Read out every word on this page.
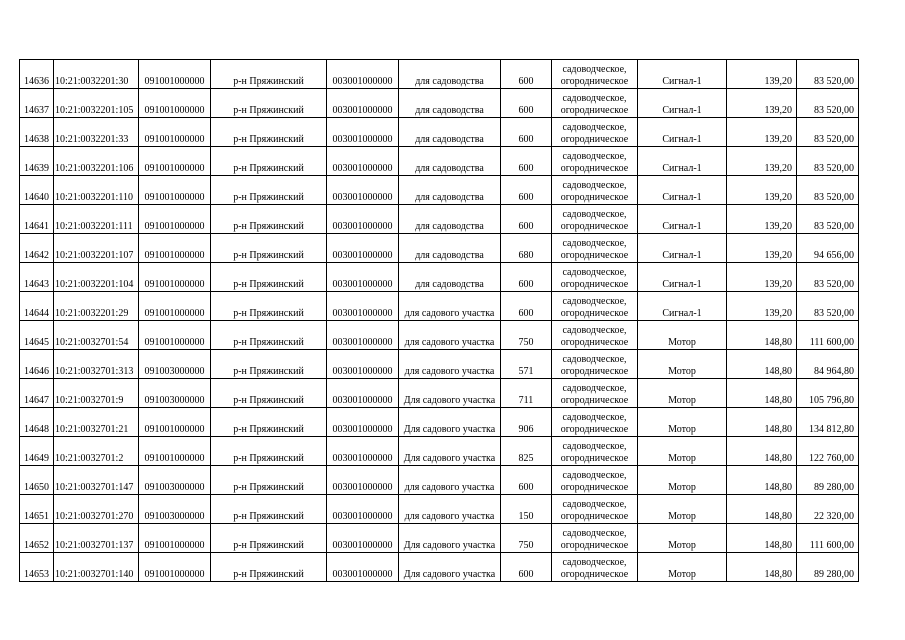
14636	10:21:0032201:30	091001000000	р-н Пряжинский	003001000000	для садоводства	600	садоводческое, огородническое	Сигнал-1	139,20	83 520,00
14637	10:21:0032201:105	091001000000	р-н Пряжинский	003001000000	для садоводства	600	садоводческое, огородническое	Сигнал-1	139,20	83 520,00
14638	10:21:0032201:33	091001000000	р-н Пряжинский	003001000000	для садоводства	600	садоводческое, огородническое	Сигнал-1	139,20	83 520,00
14639	10:21:0032201:106	091001000000	р-н Пряжинский	003001000000	для садоводства	600	садоводческое, огородническое	Сигнал-1	139,20	83 520,00
14640	10:21:0032201:110	091001000000	р-н Пряжинский	003001000000	для садоводства	600	садоводческое, огородническое	Сигнал-1	139,20	83 520,00
14641	10:21:0032201:111	091001000000	р-н Пряжинский	003001000000	для садоводства	600	садоводческое, огородническое	Сигнал-1	139,20	83 520,00
14642	10:21:0032201:107	091001000000	р-н Пряжинский	003001000000	для садоводства	680	садоводческое, огородническое	Сигнал-1	139,20	94 656,00
14643	10:21:0032201:104	091001000000	р-н Пряжинский	003001000000	для садоводства	600	садоводческое, огородническое	Сигнал-1	139,20	83 520,00
14644	10:21:0032201:29	091001000000	р-н Пряжинский	003001000000	для садового участка	600	садоводческое, огородническое	Сигнал-1	139,20	83 520,00
14645	10:21:0032701:54	091001000000	р-н Пряжинский	003001000000	для садового участка	750	садоводческое, огородническое	Мотор	148,80	111 600,00
14646	10:21:0032701:313	091003000000	р-н Пряжинский	003001000000	для садового участка	571	садоводческое, огородническое	Мотор	148,80	84 964,80
14647	10:21:0032701:9	091003000000	р-н Пряжинский	003001000000	Для садового участка	711	садоводческое, огородническое	Мотор	148,80	105 796,80
14648	10:21:0032701:21	091001000000	р-н Пряжинский	003001000000	Для садового участка	906	садоводческое, огородническое	Мотор	148,80	134 812,80
14649	10:21:0032701:2	091001000000	р-н Пряжинский	003001000000	Для садового участка	825	садоводческое, огородническое	Мотор	148,80	122 760,00
14650	10:21:0032701:147	091003000000	р-н Пряжинский	003001000000	для садового участка	600	садоводческое, огородническое	Мотор	148,80	89 280,00
14651	10:21:0032701:270	091003000000	р-н Пряжинский	003001000000	для садового участка	150	садоводческое, огородническое	Мотор	148,80	22 320,00
14652	10:21:0032701:137	091001000000	р-н Пряжинский	003001000000	Для садового участка	750	садоводческое, огородническое	Мотор	148,80	111 600,00
14653	10:21:0032701:140	091001000000	р-н Пряжинский	003001000000	Для садового участка	600	садоводческое, огородническое	Мотор	148,80	89 280,00
